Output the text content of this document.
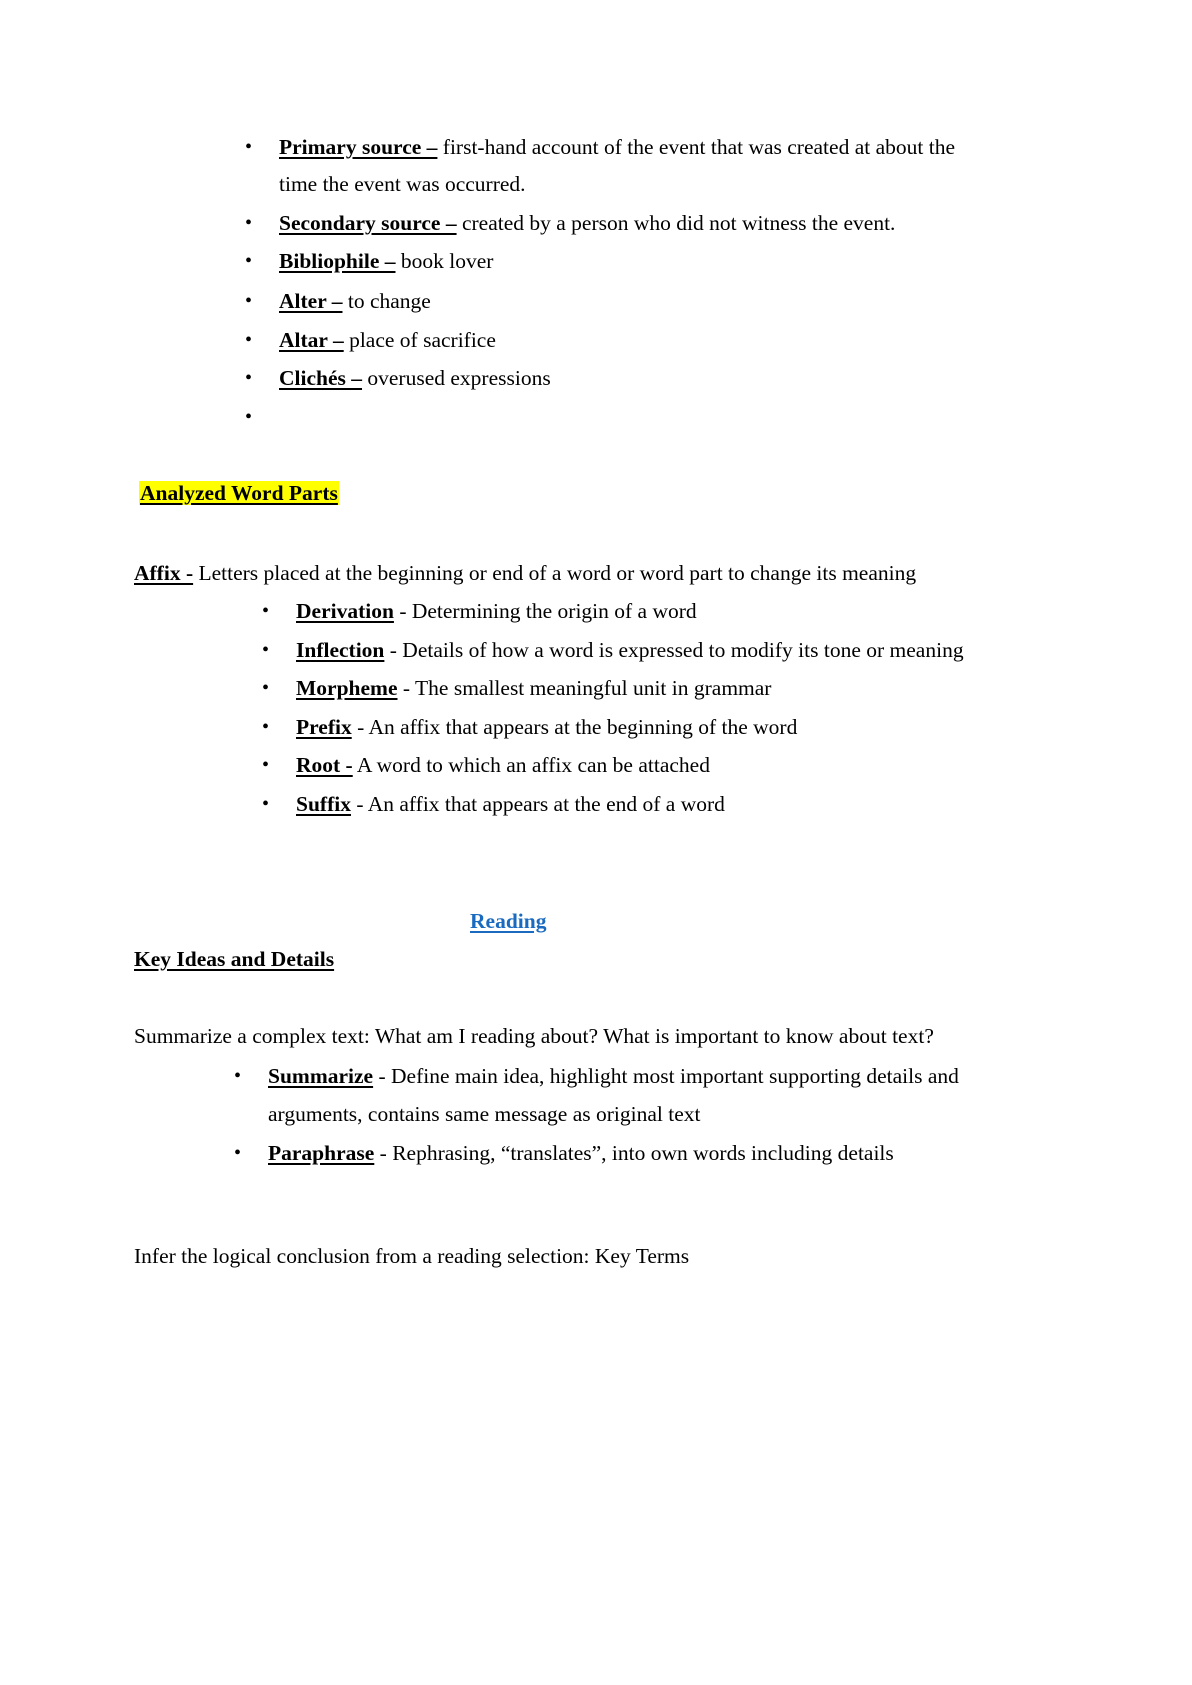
• Primary source – first-hand account of the event that was created at about the
time the event was occurred.
• Secondary source – created by a person who did not witness the event.
• Bibliophile – book lover
• Alter – to change
• Altar – place of sacrifice
• Clichés – overused expressions
•
Analyzed Word Parts
Affix - Letters placed at the beginning or end of a word or word part to change its meaning
• Derivation - Determining the origin of a word
• Inflection - Details of how a word is expressed to modify its tone or meaning
• Morpheme - The smallest meaningful unit in grammar
• Prefix - An affix that appears at the beginning of the word
• Root - A word to which an affix can be attached
• Suffix - An affix that appears at the end of a word
Reading
Key Ideas and Details
Summarize a complex text: What am I reading about? What is important to know about text?
• Summarize - Define main idea, highlight most important supporting details and
arguments, contains same message as original text
• Paraphrase - Rephrasing, “translates”, into own words including details
Infer the logical conclusion from a reading selection: Key Terms
